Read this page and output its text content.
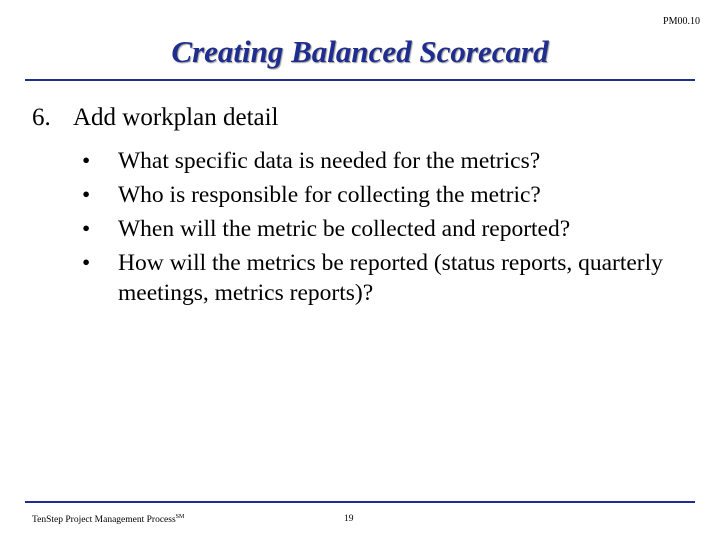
PM00.10
Creating Balanced Scorecard
6. Add workplan detail
•	What specific data is needed for the metrics?
•	Who is responsible for collecting the metric?
•	When will the metric be collected and reported?
•	How will the metrics be reported (status reports, quarterly meetings, metrics reports)?
TenStep Project Management Process℠	19
